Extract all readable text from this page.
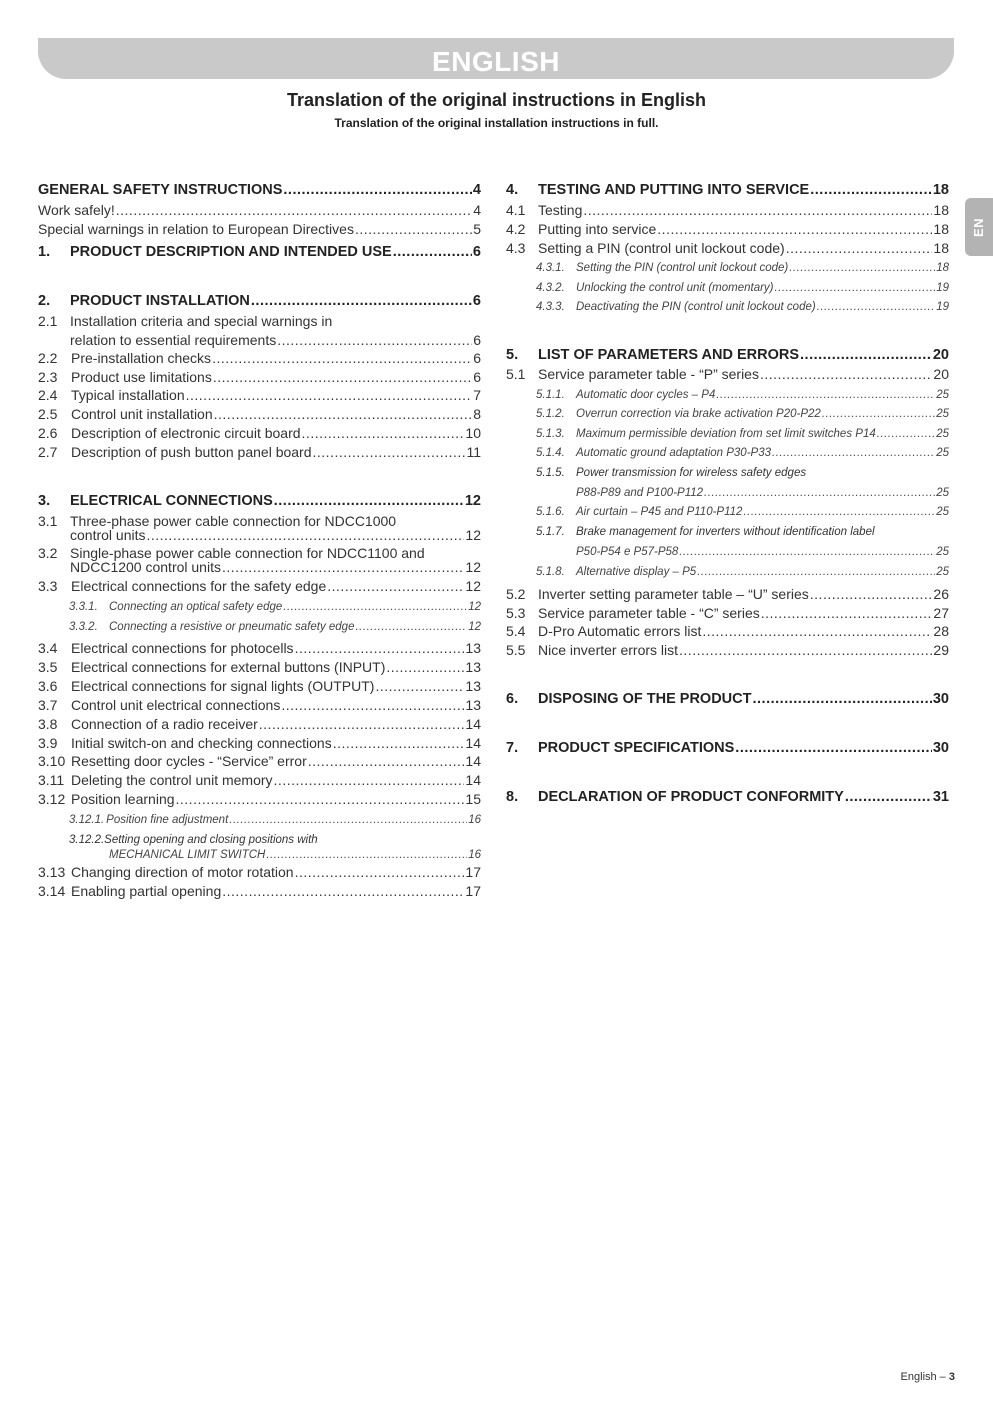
ENGLISH
Translation of the original instructions in English
Translation of the original installation instructions in full.
EN
GENERAL SAFETY INSTRUCTIONS .....	4
Work safely! .....	4
Special warnings in relation to European Directives .....	5
1.	PRODUCT DESCRIPTION AND INTENDED USE .....	6
2.	PRODUCT INSTALLATION .....	6
2.1 Installation criteria and special warnings in
relation to essential requirements .....	6
2.2 Pre-installation checks .....	6
2.3 Product use limitations .....	6
2.4 Typical installation .....	7
2.5 Control unit installation .....	8
2.6 Description of electronic circuit board .....	10
2.7 Description of push button panel board .....	11
3.	ELECTRICAL CONNECTIONS .....	12
3.1 Three-phase power cable connection for NDCC1000
control units .....	12
3.2 Single-phase power cable connection for NDCC1100 and
NDCC1200 control units .....	12
3.3 Electrical connections for the safety edge .....	12
3.3.1. Connecting an optical safety edge .....	12
3.3.2. Connecting a resistive or pneumatic safety edge .....	12
3.4 Electrical connections for photocells .....	13
3.5 Electrical connections for external buttons (INPUT) .....	13
3.6 Electrical connections for signal lights (OUTPUT) .....	13
3.7 Control unit electrical connections .....	13
3.8 Connection of a radio receiver .....	14
3.9 Initial switch-on and checking connections .....	14
3.10 Resetting door cycles - “Service” error .....	14
3.11 Deleting the control unit memory .....	14
3.12 Position learning .....	15
3.12.1. Position fine adjustment .....	16
3.12.2.Setting opening and closing positions with
MECHANICAL LIMIT SWITCH .....	16
3.13 Changing direction of motor rotation .....	17
3.14 Enabling partial opening .....	17
4.	TESTING AND PUTTING INTO SERVICE .....	18
4.1 Testing .....	18
4.2 Putting into service .....	18
4.3 Setting a PIN (control unit lockout code) .....	18
4.3.1. Setting the PIN (control unit lockout code) .....	18
4.3.2. Unlocking the control unit (momentary) .....	19
4.3.3. Deactivating the PIN (control unit lockout code) .....	19
5.	LIST OF PARAMETERS AND ERRORS .....	20
5.1 Service parameter table - “P” series .....	20
5.1.1. Automatic door cycles – P4 .....	25
5.1.2. Overrun correction via brake activation P20-P22 .....	25
5.1.3. Maximum permissible deviation from set limit switches P14 .....	25
5.1.4. Automatic ground adaptation P30-P33 .....	25
5.1.5. Power transmission for wireless safety edges
P88-P89 and P100-P112 .....	25
5.1.6. Air curtain – P45 and P110-P112 .....	25
5.1.7. Brake management for inverters without identification label
P50-P54 e P57-P58 .....	25
5.1.8. Alternative display – P5 .....	25
5.2 Inverter setting parameter table – “U” series .....	26
5.3 Service parameter table - “C” series .....	27
5.4 D-Pro Automatic errors list .....	28
5.5 Nice inverter errors list .....	29
6.	DISPOSING OF THE PRODUCT .....	30
7.	PRODUCT SPECIFICATIONS .....	30
8.	DECLARATION OF PRODUCT CONFORMITY .....	31
English – 3
